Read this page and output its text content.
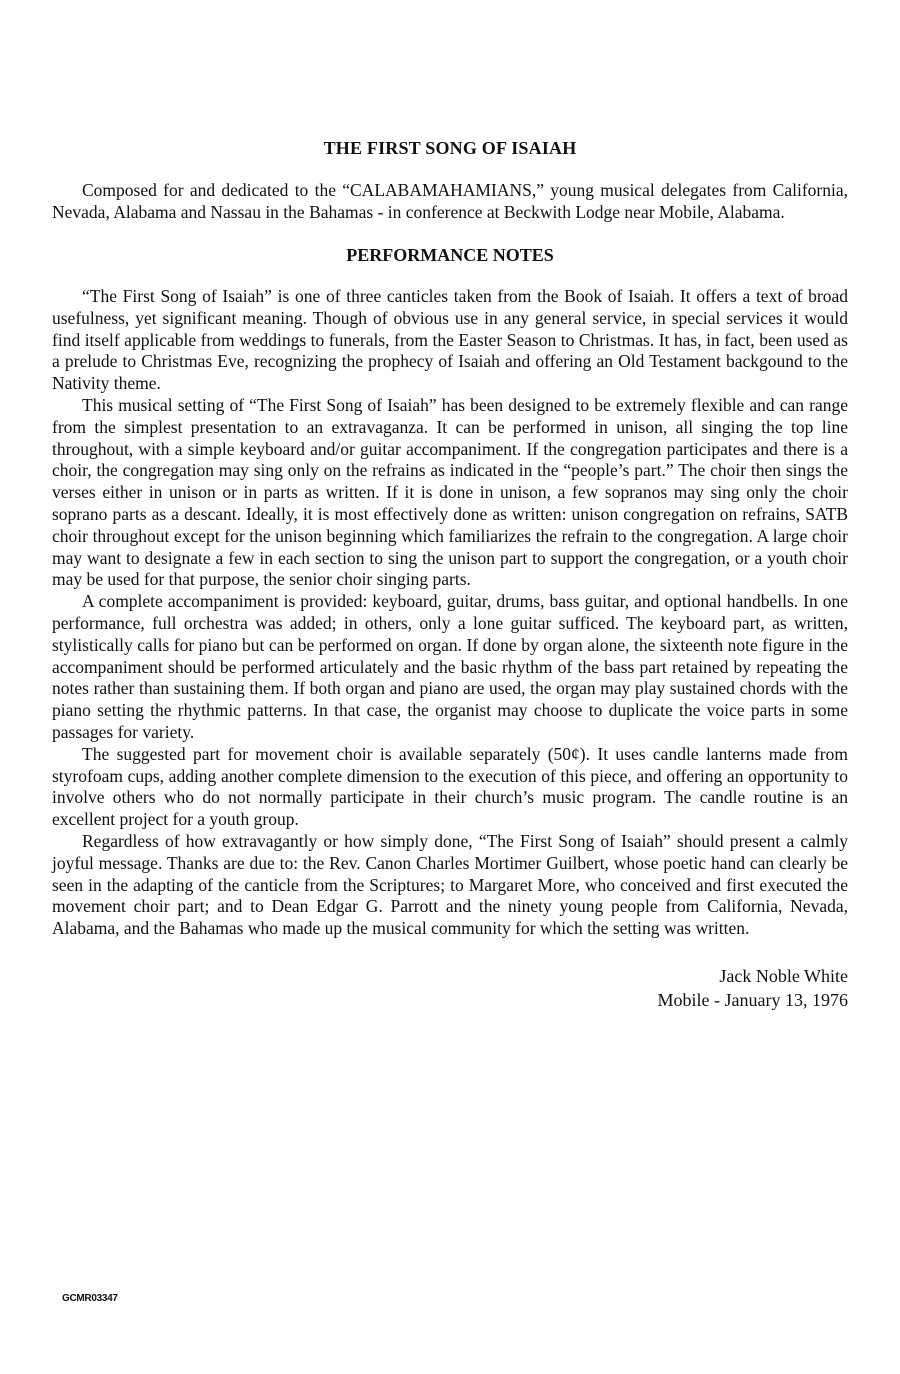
THE FIRST SONG OF ISAIAH

Composed for and dedicated to the “CALABAMAHAMIANS,” young musical delegates from California, Nevada, Alabama and Nassau in the Bahamas - in conference at Beckwith Lodge near Mobile, Alabama.

PERFORMANCE NOTES

“The First Song of Isaiah” is one of three canticles taken from the Book of Isaiah. It offers a text of broad usefulness, yet significant meaning. Though of obvious use in any general service, in special services it would find itself applicable from weddings to funerals, from the Easter Season to Christmas. It has, in fact, been used as a prelude to Christmas Eve, recognizing the prophecy of Isaiah and offering an Old Testament backgound to the Nativity theme.

This musical setting of “The First Song of Isaiah” has been designed to be extremely flexible and can range from the simplest presentation to an extravaganza. It can be performed in unison, all singing the top line throughout, with a simple keyboard and/or guitar accompaniment. If the congregation participates and there is a choir, the congregation may sing only on the refrains as indicated in the “people’s part.” The choir then sings the verses either in unison or in parts as written. If it is done in unison, a few sopranos may sing only the choir soprano parts as a descant. Ideally, it is most effectively done as written: unison congregation on refrains, SATB choir throughout except for the unison beginning which familiarizes the refrain to the congregation. A large choir may want to designate a few in each section to sing the unison part to support the congregation, or a youth choir may be used for that purpose, the senior choir singing parts.

A complete accompaniment is provided: keyboard, guitar, drums, bass guitar, and optional handbells. In one performance, full orchestra was added; in others, only a lone guitar sufficed. The keyboard part, as written, stylistically calls for piano but can be performed on organ. If done by organ alone, the sixteenth note figure in the accompaniment should be performed articulately and the basic rhythm of the bass part retained by repeating the notes rather than sustaining them. If both organ and piano are used, the organ may play sustained chords with the piano setting the rhythmic patterns. In that case, the organist may choose to duplicate the voice parts in some passages for variety.

The suggested part for movement choir is available separately (50¢). It uses candle lanterns made from styrofoam cups, adding another complete dimension to the execution of this piece, and offering an opportunity to involve others who do not normally participate in their church’s music program. The candle routine is an excellent project for a youth group.

Regardless of how extravagantly or how simply done, “The First Song of Isaiah” should present a calmly joyful message. Thanks are due to: the Rev. Canon Charles Mortimer Guilbert, whose poetic hand can clearly be seen in the adapting of the canticle from the Scriptures; to Margaret More, who conceived and first executed the movement choir part; and to Dean Edgar G. Parrott and the ninety young people from California, Nevada, Alabama, and the Bahamas who made up the musical community for which the setting was written.

Jack Noble White
Mobile - January 13, 1976
GCMR03347
